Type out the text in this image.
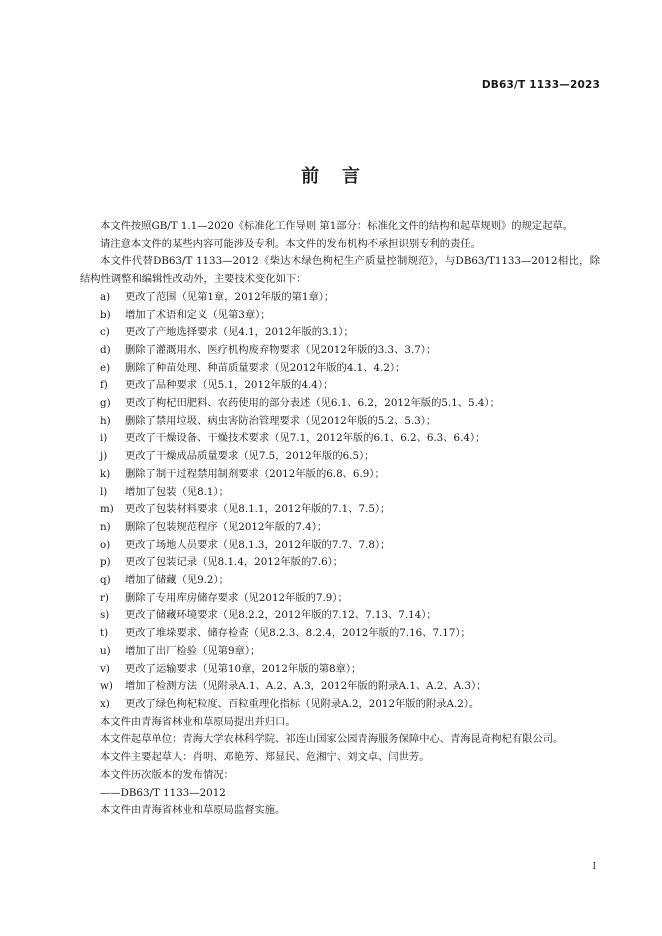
DB63/T 1133—2023
前   言

本文件按照GB/T 1.1—2020《标准化工作导则 第1部分：标准化文件的结构和起草规则》的规定起草。

请注意本文件的某些内容可能涉及专利。本文件的发布机构不承担识别专利的责任。

本文件代替DB63/T 1133—2012《柴达木绿色枸杞生产质量控制规范》，与DB63/T1133—2012相比，除结构性调整和编辑性改动外，主要技术变化如下：

a)	更改了范围（见第1章，2012年版的第1章）；
b)	增加了术语和定义（见第3章）；
c)	更改了产地选择要求（见4.1，2012年版的3.1）；
d)	删除了灌溉用水、医疗机构废弃物要求（见2012年版的3.3、3.7）；
e)	删除了种苗处理、种苗质量要求（见2012年版的4.1、4.2）；
f)	更改了品种要求（见5.1，2012年版的4.4）；
g)	更改了枸杞田肥料、农药使用的部分表述（见6.1、6.2，2012年版的5.1、5.4）；
h)	删除了禁用垃圾、病虫害防治管理要求（见2012年版的5.2、5.3）；
i)	更改了干燥设备、干燥技术要求（见7.1，2012年版的6.1、6.2、6.3、6.4）；
j)	更改了干燥成品质量要求（见7.5，2012年版的6.5）；
k)	删除了制干过程禁用制剂要求（2012年版的6.8、6.9）；
l)	增加了包装（见8.1）；
m)	更改了包装材料要求（见8.1.1，2012年版的7.1、7.5）；
n)	删除了包装规范程序（见2012年版的7.4）；
o)	更改了场地人员要求（见8.1.3，2012年版的7.7、7.8）；
p)	更改了包装记录（见8.1.4，2012年版的7.6）；
q)	增加了储藏（见9.2）；
r)	删除了专用库房储存要求（见2012年版的7.9）；
s)	更改了储藏环境要求（见8.2.2，2012年版的7.12、7.13、7.14）；
t)	更改了堆垛要求、储存检查（见8.2.3、8.2.4，2012年版的7.16、7.17）；
u)	增加了出厂检验（见第9章）；
v)	更改了运输要求（见第10章，2012年版的第8章）；
w)	增加了检测方法（见附录A.1、A.2、A.3，2012年版的附录A.1、A.2、A.3）；
x)	更改了绿色枸杞粒度、百粒重理化指标（见附录A.2，2012年版的附录A.2）。

本文件由青海省林业和草原局提出并归口。

本文件起草单位：青海大学农林科学院、祁连山国家公园青海服务保障中心、青海昆奇枸杞有限公司。

本文件主要起草人：肖明、邓艳芳、郑显民、危湘宁、刘文卓、闫世芳。

本文件历次版本的发布情况：

——DB63/T 1133—2012

本文件由青海省林业和草原局监督实施。

I
